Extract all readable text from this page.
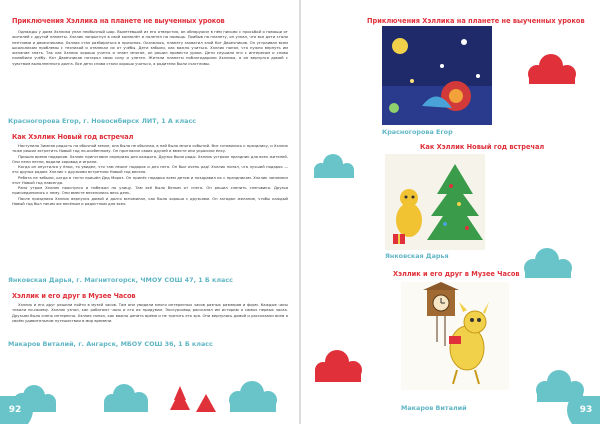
Приключения Хэллика на планете не выученных уроков

Однажды у дома Хэллика упал необычный шар. Вылетевший из его отверстия, он обнаружил в нём письмо с просьбой о помощи от жителей с другой планеты. Хэллик запрыгнул в свой космолёт и полетел на помощь. Прибыв на планету, он узнал, что все дети стали лентяями и двоечниками. Хэллик стал разбираться в причинах. Оказалось, планету захватил злой Кот Двоечников. Он устраивал всем школьникам проблемы с техникой и отвлекал их от учёбы. Дети забыли, как важно учиться. Хэллик понял, что нужно вернуть им желание знать. Так как Хэллик хорошо учится и знает многое, он решил провести уроки. Дети слушали его с интересом и снова полюбили учёбу. Кот Двоечников потерял свою силу и улетел. Жители планеты поблагодарили Хэллика, а он вернулся домой с чувством выполненного долга. Все дети снова стали хорошо учиться, а родители были счастливы.

Красногорова Егор, г. Новосибирск ЛИТ, 1 А класс
Как Хэллик Новый год встречал

Наступила Зимняя радость на обычной земле, она была не обычная, в ней было много событий. Все готовились к празднику, и Хэллик тоже решил встретить Новый год по-особенному. Он пригласил своих друзей и вместе они украсили ёлку.

Пришло время подарков. Хэллик приготовил сюрпризы для каждого. Друзья были рады. Хэллик устроил праздник для всех жителей. Они пели песни, водили хоровод и играли.

Когда он опустился у ёлки, то увидел, что там лежит подарок и для него. Он был очень рад! Хэллик понял, что лучший подарок — это друзья рядом. Хэллик с друзьями встретили Новый год весело.

Ребята не забыли, когда в гости пришёл Дед Мороз. Он принёс подарки всем детям и поздравил их с праздником. Хэллик запомнил этот Новый год навсегда.

Рано утром Хэллик проснулся и побежал на улицу. Там всё было белым от снега. Он решил слепить снеговика. Друзья присоединились к нему. Они вместе веселились весь день.

После праздника Хэллик вернулся домой и долго вспоминал, как было хорошо с друзьями. Он загадал желание, чтобы каждый Новый год был таким же весёлым и радостным для всех.

Янковская Дарья, г. Магнитогорск, ЧМОУ СОШ 47, 1 Б класс
Хэллик и его друг в Музее Часов

Хэллик и его друг решили пойти в музей часов. Там они увидели много интересных часов разных размеров и форм. Каждые часы тикали по-своему. Хэллик узнал, как работают часы и кто их придумал. Экскурсовод рассказал им историю о самых первых часах. Друзьям было очень интересно. Хэллик понял, как важно ценить время и не тратить его зря. Они вернулись домой и рассказали всем о своём удивительном путешествии в мир времени.

Макаров Виталий, г. Ангарск, МБОУ СОШ 36, 1 Б класс
92
Приключения Хэллика на планете не выученных уроков
Красногорова Егор
Как Хэллик Новый год встречал
Янковская Дарья
Хэллик и его друг в Музее Часов
Макаров Виталий	93
